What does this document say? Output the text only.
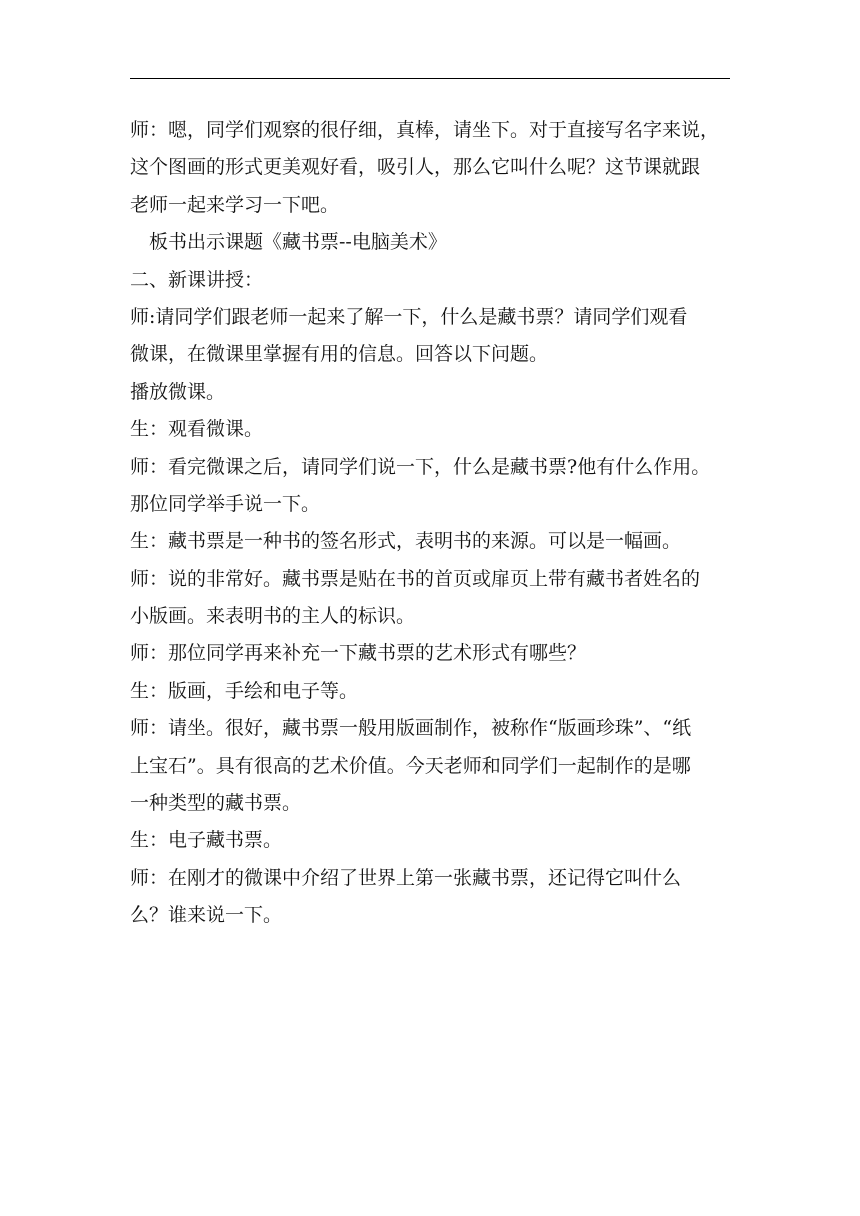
师：嗯，同学们观察的很仔细，真棒，请坐下。对于直接写名字来说，
这个图画的形式更美观好看，吸引人，那么它叫什么呢？这节课就跟
老师一起来学习一下吧。
板书出示课题《藏书票--电脑美术》
二、新课讲授：
师:请同学们跟老师一起来了解一下，什么是藏书票？请同学们观看
微课，在微课里掌握有用的信息。回答以下问题。
播放微课。
生：观看微课。
师：看完微课之后，请同学们说一下，什么是藏书票?他有什么作用。
那位同学举手说一下。
生：藏书票是一种书的签名形式，表明书的来源。可以是一幅画。
师：说的非常好。藏书票是贴在书的首页或扉页上带有藏书者姓名的
小版画。来表明书的主人的标识。
师：那位同学再来补充一下藏书票的艺术形式有哪些？
生：版画，手绘和电子等。
师：请坐。很好，藏书票一般用版画制作，被称作“版画珍珠”、“纸
上宝石”。具有很高的艺术价值。今天老师和同学们一起制作的是哪
一种类型的藏书票。
生：电子藏书票。
师：在刚才的微课中介绍了世界上第一张藏书票，还记得它叫什么
么？谁来说一下。
